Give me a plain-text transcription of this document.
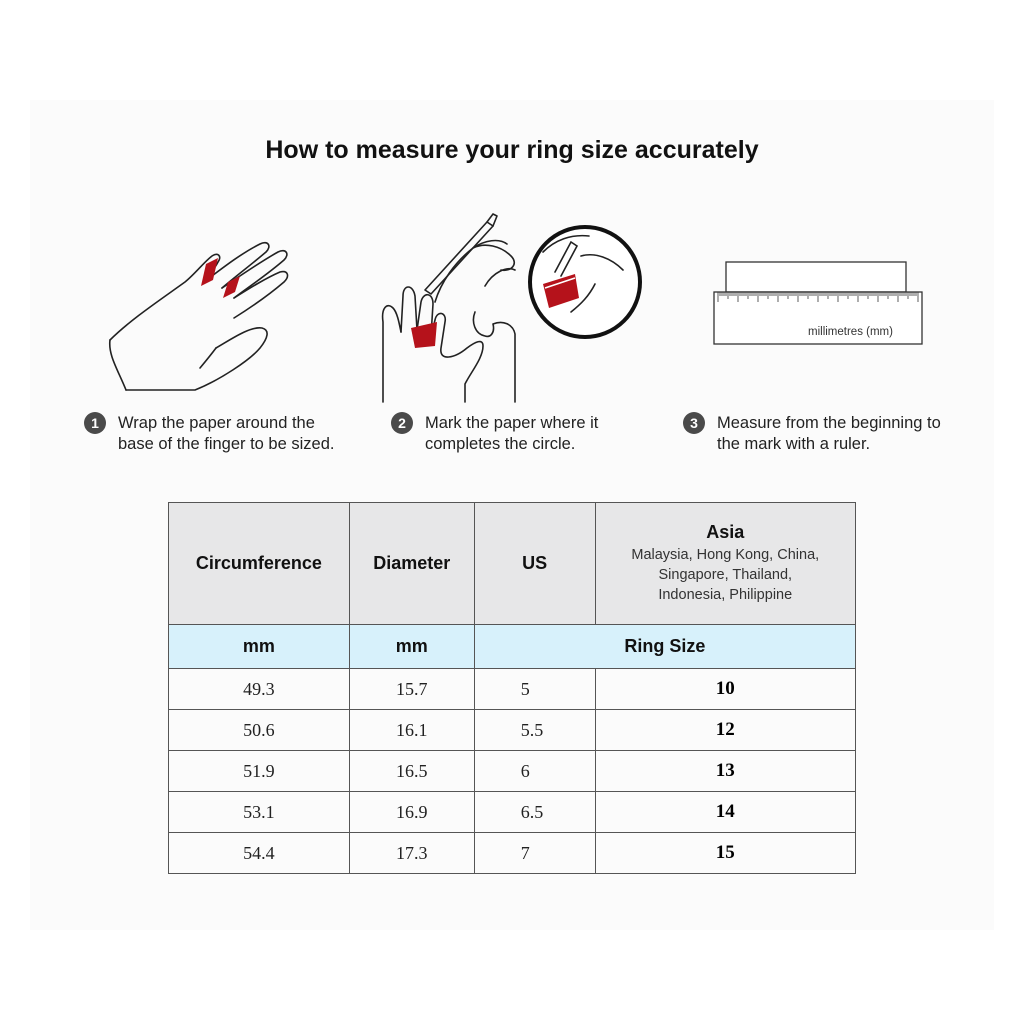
How to measure your ring size accurately
millimetres (mm)
1	Wrap the paper around the
base of the finger to be sized.
2	Mark the paper where it
completes the circle.
3	Measure from the beginning to
the mark with a ruler.
Circumference	Diameter	US	Asia
Malaysia, Hong Kong, China,
Singapore, Thailand,
Indonesia, Philippine

mm	mm	Ring Size	
49.3	15.7	5	10
50.6	16.1	5.5	12
51.9	16.5	6	13
53.1	16.9	6.5	14
54.4	17.3	7	15
